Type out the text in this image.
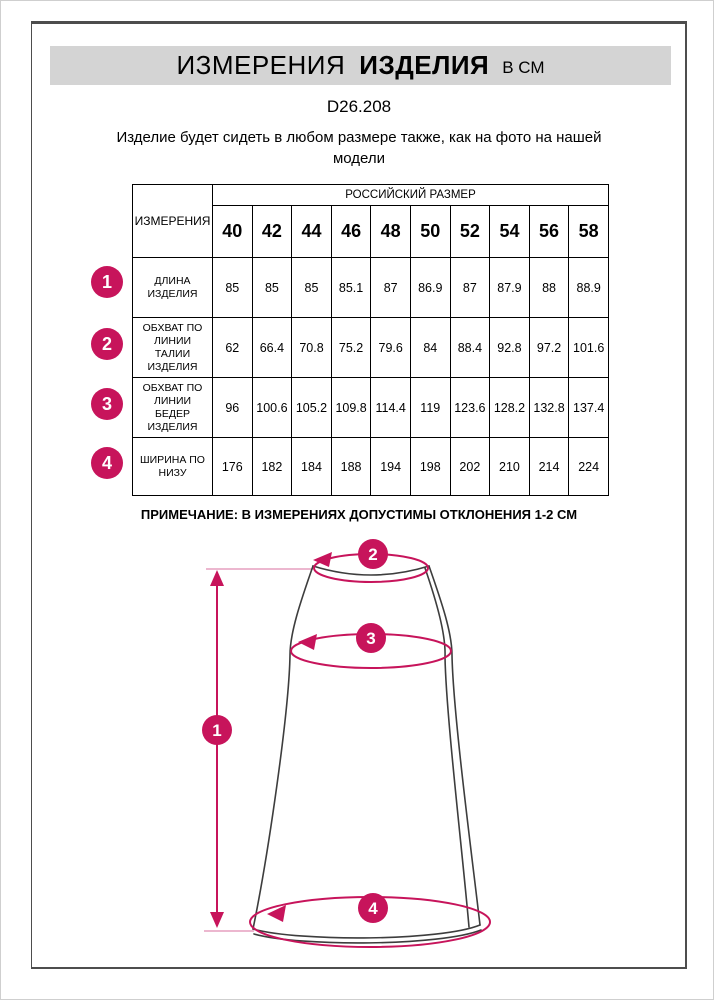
ИЗМЕРЕНИЯ ИЗДЕЛИЯ В СМ
D26.208
Изделие будет сидеть в любом размере также, как на фото на нашей
модели
ИЗМЕРЕНИЯ	РОССИЙСКИЙ РАЗМЕР									
	40	42	44	46	48	50	52	54	56	58

ДЛИНА
ИЗДЕЛИЯ	85	85	85	85.1	87	86.9	87	87.9	88	88.9

ОБХВАТ ПО
ЛИНИИ
ТАЛИИ
ИЗДЕЛИЯ	62	66.4	70.8	75.2	79.6	84	88.4	92.8	97.2	101.6

ОБХВАТ ПО
ЛИНИИ
БЕДЕР
ИЗДЕЛИЯ	96	100.6	105.2	109.8	114.4	119	123.6	128.2	132.8	137.4

ШИРИНА ПО
НИЗУ	176	182	184	188	194	198	202	210	214	224
1
2
3
4
ПРИМЕЧАНИЕ: В ИЗМЕРЕНИЯХ ДОПУСТИМЫ ОТКЛОНЕНИЯ 1-2 СМ
1
2
3
4
